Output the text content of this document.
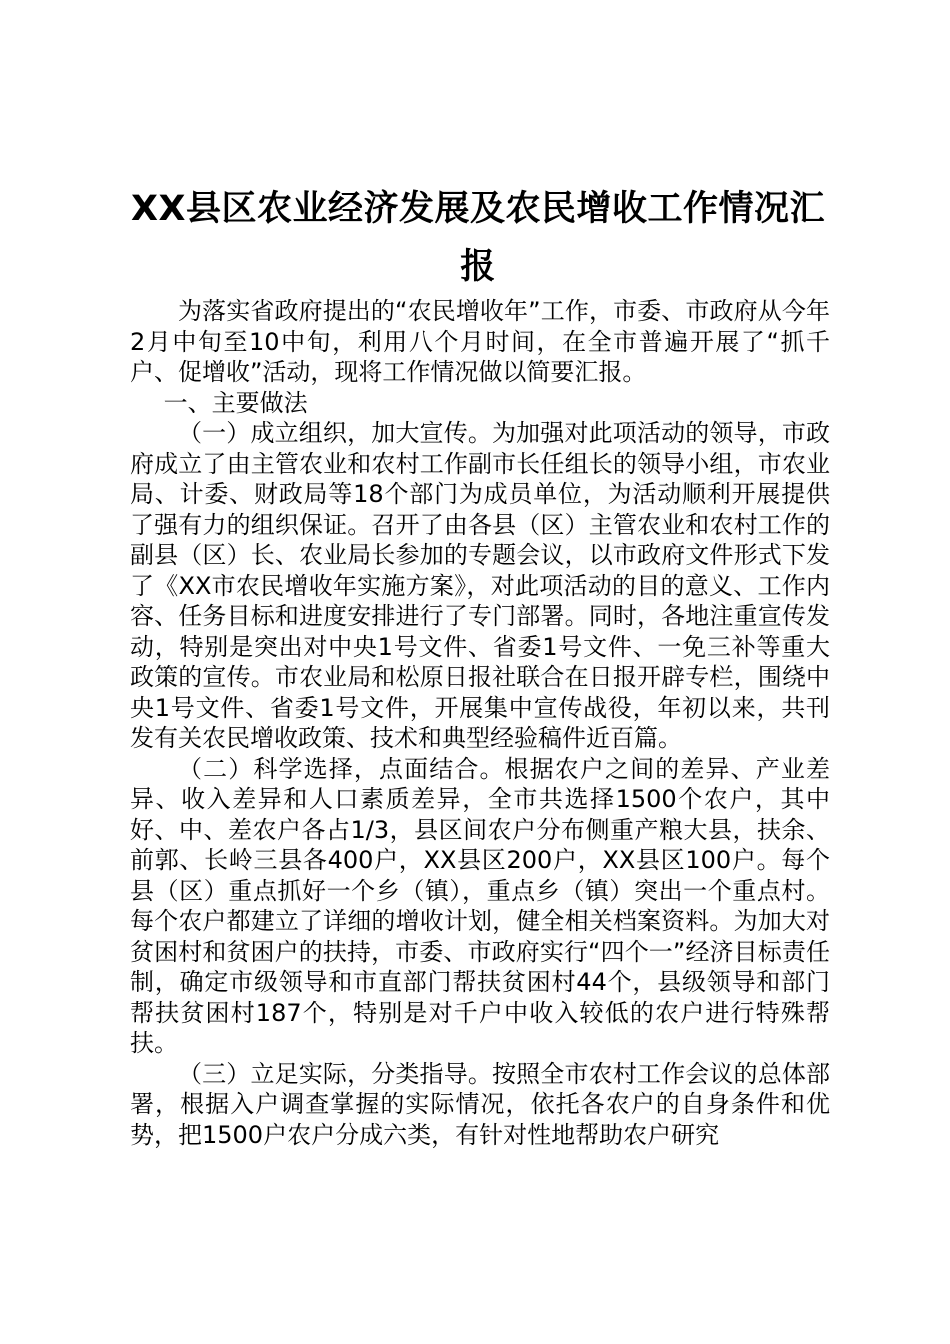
XX县区农业经济发展及农民增收工作情况汇报

为落实省政府提出的“农民增收年”工作，市委、市政府从今年2月中旬至10中旬，利用八个月时间，在全市普遍开展了“抓千户、促增收”活动，现将工作情况做以简要汇报。

一、主要做法

（一）成立组织，加大宣传。为加强对此项活动的领导，市政府成立了由主管农业和农村工作副市长任组长的领导小组，市农业局、计委、财政局等18个部门为成员单位，为活动顺利开展提供了强有力的组织保证。召开了由各县（区）主管农业和农村工作的副县（区）长、农业局长参加的专题会议，以市政府文件形式下发了《XX市农民增收年实施方案》，对此项活动的目的意义、工作内容、任务目标和进度安排进行了专门部署。同时，各地注重宣传发动，特别是突出对中央1号文件、省委1号文件、一免三补等重大政策的宣传。市农业局和松原日报社联合在日报开辟专栏，围绕中央1号文件、省委1号文件，开展集中宣传战役，年初以来，共刊发有关农民增收政策、技术和典型经验稿件近百篇。

（二）科学选择，点面结合。根据农户之间的差异、产业差异、收入差异和人口素质差异，全市共选择1500个农户，其中好、中、差农户各占1/3，县区间农户分布侧重产粮大县，扶余、前郭、长岭三县各400户，XX县区200户，XX县区100户。每个县（区）重点抓好一个乡（镇），重点乡（镇）突出一个重点村。每个农户都建立了详细的增收计划，健全相关档案资料。为加大对贫困村和贫困户的扶持，市委、市政府实行“四个一”经济目标责任制，确定市级领导和市直部门帮扶贫困村44个，县级领导和部门帮扶贫困村187个，特别是对千户中收入较低的农户进行特殊帮扶。

（三）立足实际，分类指导。按照全市农村工作会议的总体部署，根据入户调查掌握的实际情况，依托各农户的自身条件和优势，把1500户农户分成六类，有针对性地帮助农户研究
